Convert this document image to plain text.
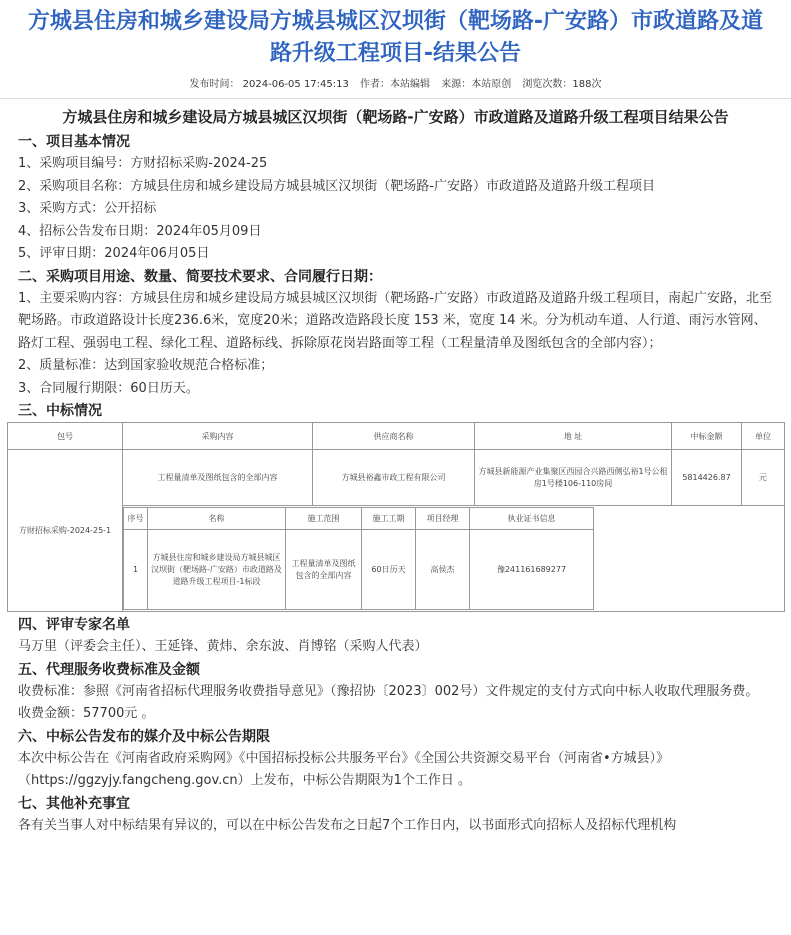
方城县住房和城乡建设局方城县城区汉坝街（靶场路-广安路）市政道路及道路升级工程项目-结果公告
发布时间： 2024-06-05 17:45:13 作者：本站编辑 来源：本站原创 浏览次数：188次
方城县住房和城乡建设局方城县城区汉坝街（靶场路-广安路）市政道路及道路升级工程项目结果公告
一、项目基本情况
1、采购项目编号：方财招标采购-2024-25
2、采购项目名称：方城县住房和城乡建设局方城县城区汉坝街（靶场路-广安路）市政道路及道路升级工程项目
3、采购方式：公开招标
4、招标公告发布日期：2024年05月09日
5、评审日期：2024年06月05日
二、采购项目用途、数量、简要技术要求、合同履行日期：
1、主要采购内容：方城县住房和城乡建设局方城县城区汉坝街（靶场路-广安路）市政道路及道路升级工程项目，南起广安路，北至靶场路。市政道路设计长度236.6米，宽度20米；道路改造路段长度 153 米，宽度 14 米。分为机动车道、人行道、雨污水管网、路灯工程、强弱电工程、绿化工程、道路标线、拆除原花岗岩路面等工程（工程量清单及图纸包含的全部内容）；
2、质量标准：达到国家验收规范合格标准；
3、合同履行期限：60日历天。
三、中标情况
包号	采购内容	供应商名称	地 址	中标金额	单位
方财招标采购-2024-25-1	工程量清单及图纸包含的全部内容	方城县裕鑫市政工程有限公司	方城县新能源产业集聚区西园合兴路西侧弘裕1号公租房1号楼106-110房间	5814426.87	元

序号	名称	施工范围	施工工期	项目经理	执业证书信息
1	方城县住房和城乡建设局方城县城区汉坝街（靶场路-广安路）市政道路及道路升级工程项目-1标段	工程量清单及图纸包含的全部内容	60日历天	高侯杰	豫241161689277
四、评审专家名单
马万里（评委会主任）、王延锋、黄炜、余东波、肖博铭（采购人代表）
五、代理服务收费标准及金额
收费标准：参照《河南省招标代理服务收费指导意见》（豫招协〔2023〕002号）文件规定的支付方式向中标人收取代理服务费。
收费金额：57700元 。
六、中标公告发布的媒介及中标公告期限
本次中标公告在《河南省政府采购网》《中国招标投标公共服务平台》《全国公共资源交易平台（河南省•方城县）》（https://ggzyjy.fangcheng.gov.cn）上发布，中标公告期限为1个工作日 。
七、其他补充事宜
各有关当事人对中标结果有异议的，可以在中标公告发布之日起7个工作日内，以书面形式向招标人及招标代理机构
